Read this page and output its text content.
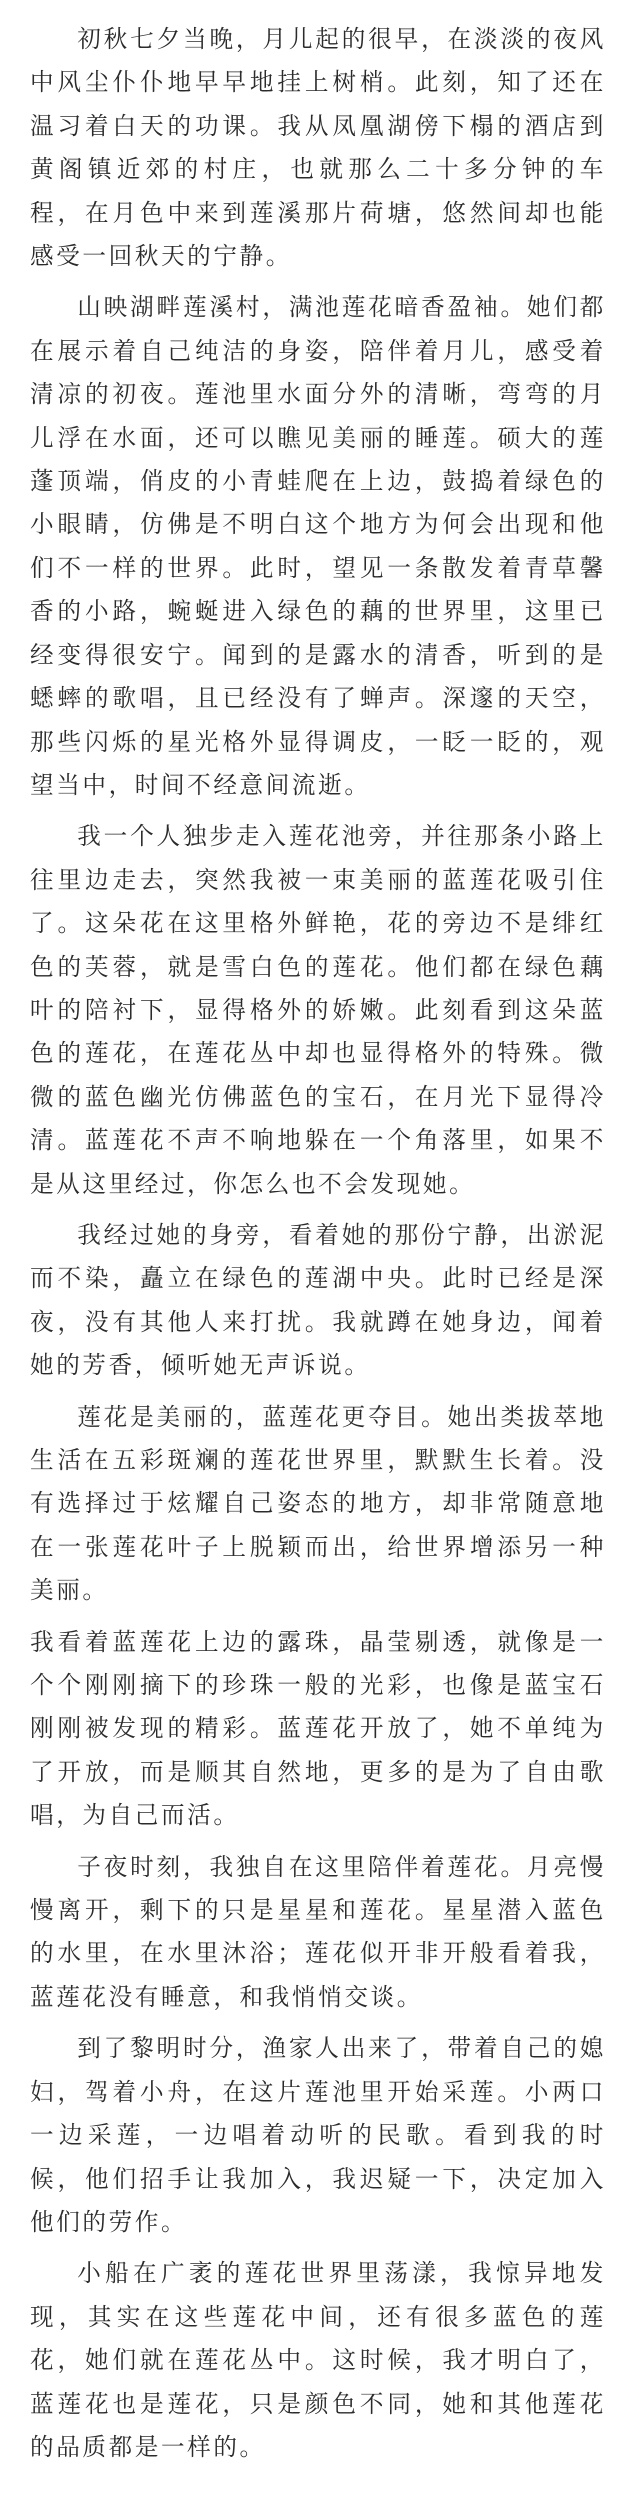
初秋七夕当晚，月儿起的很早，在淡淡的夜风中风尘仆仆地早早地挂上树梢。此刻，知了还在温习着白天的功课。我从凤凰湖傍下榻的酒店到黄阁镇近郊的村庄，也就那么二十多分钟的车程，在月色中来到莲溪那片荷塘，悠然间却也能感受一回秋天的宁静。

山映湖畔莲溪村，满池莲花暗香盈袖。她们都在展示着自己纯洁的身姿，陪伴着月儿，感受着清凉的初夜。莲池里水面分外的清晰，弯弯的月儿浮在水面，还可以瞧见美丽的睡莲。硕大的莲蓬顶端，俏皮的小青蛙爬在上边，鼓捣着绿色的小眼睛，仿佛是不明白这个地方为何会出现和他们不一样的世界。此时，望见一条散发着青草馨香的小路，蜿蜒进入绿色的藕的世界里，这里已经变得很安宁。闻到的是露水的清香，听到的是蟋蟀的歌唱，且已经没有了蝉声。深邃的天空，那些闪烁的星光格外显得调皮，一眨一眨的，观望当中，时间不经意间流逝。

我一个人独步走入莲花池旁，并往那条小路上往里边走去，突然我被一束美丽的蓝莲花吸引住了。这朵花在这里格外鲜艳，花的旁边不是绯红色的芙蓉，就是雪白色的莲花。他们都在绿色藕叶的陪衬下，显得格外的娇嫩。此刻看到这朵蓝色的莲花，在莲花丛中却也显得格外的特殊。微微的蓝色幽光仿佛蓝色的宝石，在月光下显得冷清。蓝莲花不声不响地躲在一个角落里，如果不是从这里经过，你怎么也不会发现她。

我经过她的身旁，看着她的那份宁静，出淤泥而不染，矗立在绿色的莲湖中央。此时已经是深夜，没有其他人来打扰。我就蹲在她身边，闻着她的芳香，倾听她无声诉说。

莲花是美丽的，蓝莲花更夺目。她出类拔萃地生活在五彩斑斓的莲花世界里，默默生长着。没有选择过于炫耀自己姿态的地方，却非常随意地在一张莲花叶子上脱颖而出，给世界增添另一种美丽。

我看着蓝莲花上边的露珠，晶莹剔透，就像是一个个刚刚摘下的珍珠一般的光彩，也像是蓝宝石刚刚被发现的精彩。蓝莲花开放了，她不单纯为了开放，而是顺其自然地，更多的是为了自由歌唱，为自己而活。

子夜时刻，我独自在这里陪伴着莲花。月亮慢慢离开，剩下的只是星星和莲花。星星潜入蓝色的水里，在水里沐浴；莲花似开非开般看着我，蓝莲花没有睡意，和我悄悄交谈。

到了黎明时分，渔家人出来了，带着自己的媳妇，驾着小舟，在这片莲池里开始采莲。小两口一边采莲，一边唱着动听的民歌。看到我的时候，他们招手让我加入，我迟疑一下，决定加入他们的劳作。

小船在广袤的莲花世界里荡漾，我惊异地发现，其实在这些莲花中间，还有很多蓝色的莲花，她们就在莲花丛中。这时候，我才明白了，蓝莲花也是莲花，只是颜色不同，她和其他莲花的品质都是一样的。
